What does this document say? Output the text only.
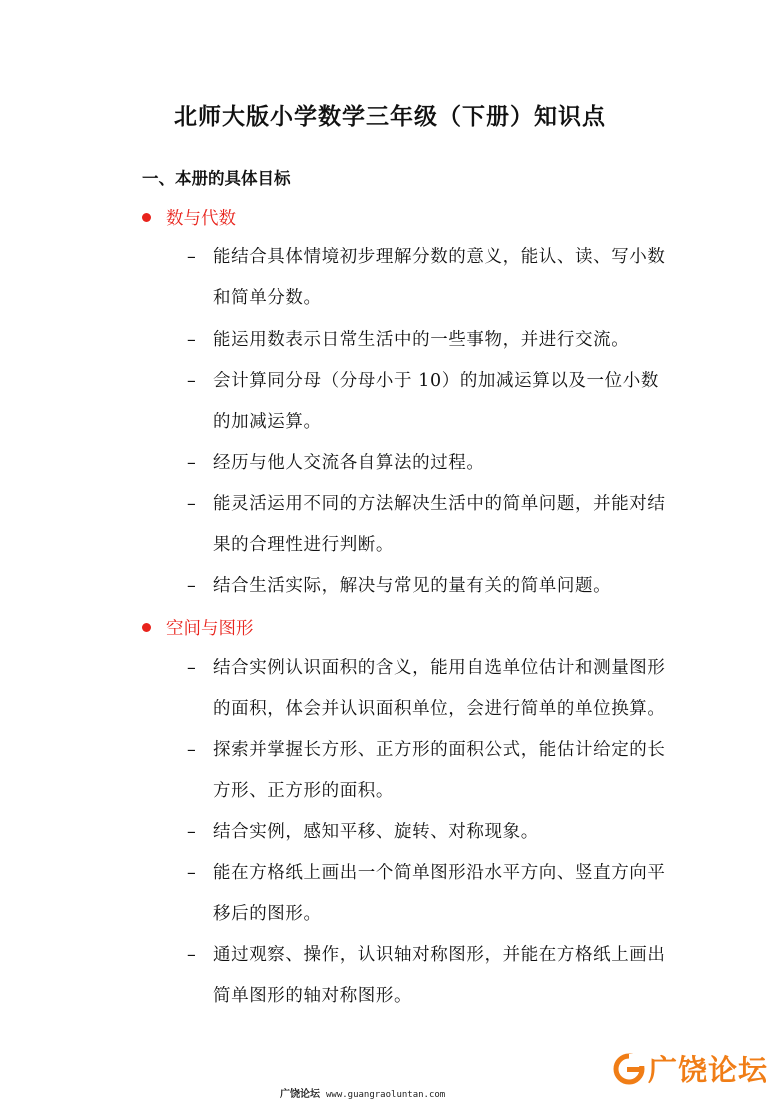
北师大版小学数学三年级（下册）知识点
一、本册的具体目标
数与代数
– 能结合具体情境初步理解分数的意义，能认、读、写小数和简单分数。
– 能运用数表示日常生活中的一些事物，并进行交流。
– 会计算同分母（分母小于 10）的加减运算以及一位小数的加减运算。
– 经历与他人交流各自算法的过程。
– 能灵活运用不同的方法解决生活中的简单问题，并能对结果的合理性进行判断。
– 结合生活实际，解决与常见的量有关的简单问题。
空间与图形
– 结合实例认识面积的含义，能用自选单位估计和测量图形的面积，体会并认识面积单位，会进行简单的单位换算。
– 探索并掌握长方形、正方形的面积公式，能估计给定的长方形、正方形的面积。
– 结合实例，感知平移、旋转、对称现象。
– 能在方格纸上画出一个简单图形沿水平方向、竖直方向平移后的图形。
– 通过观察、操作，认识轴对称图形，并能在方格纸上画出简单图形的轴对称图形。
广饶论坛 www.guangraoluntan.com
广饶论坛
